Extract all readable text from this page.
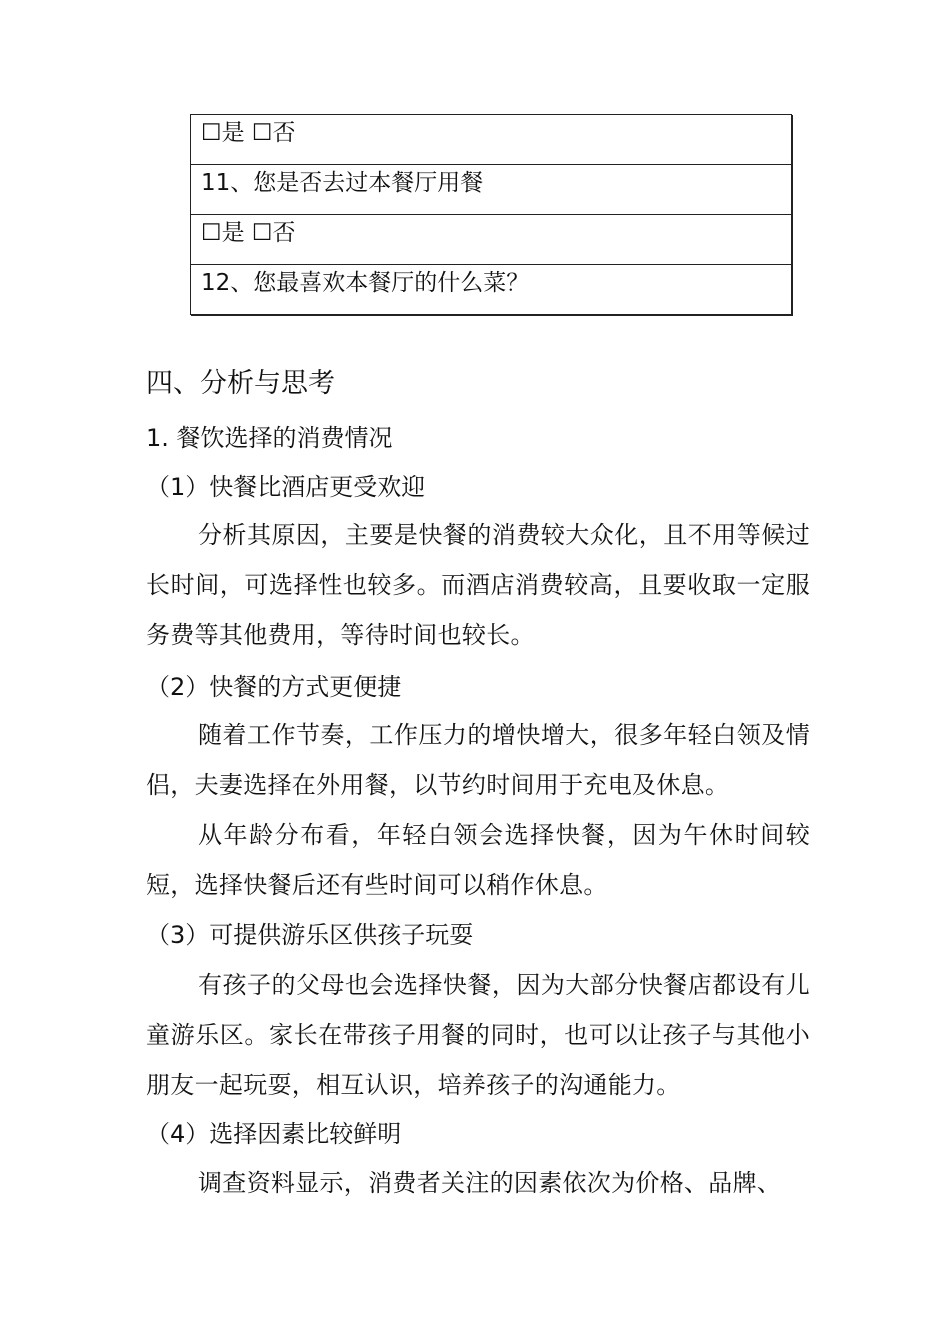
☐是 ☐否
11、您是否去过本餐厅用餐
☐是 ☐否
12、您最喜欢本餐厅的什么菜？

四、分析与思考

1. 餐饮选择的消费情况

（1）快餐比酒店更受欢迎

分析其原因，主要是快餐的消费较大众化，且不用等候过长时间，可选择性也较多。而酒店消费较高，且要收取一定服务费等其他费用，等待时间也较长。

（2）快餐的方式更便捷

随着工作节奏，工作压力的增快增大，很多年轻白领及情侣，夫妻选择在外用餐，以节约时间用于充电及休息。

从年龄分布看，年轻白领会选择快餐，因为午休时间较短，选择快餐后还有些时间可以稍作休息。

（3）可提供游乐区供孩子玩耍

有孩子的父母也会选择快餐，因为大部分快餐店都设有儿童游乐区。家长在带孩子用餐的同时，也可以让孩子与其他小朋友一起玩耍，相互认识，培养孩子的沟通能力。

（4）选择因素比较鲜明

调查资料显示，消费者关注的因素依次为价格、品牌、
